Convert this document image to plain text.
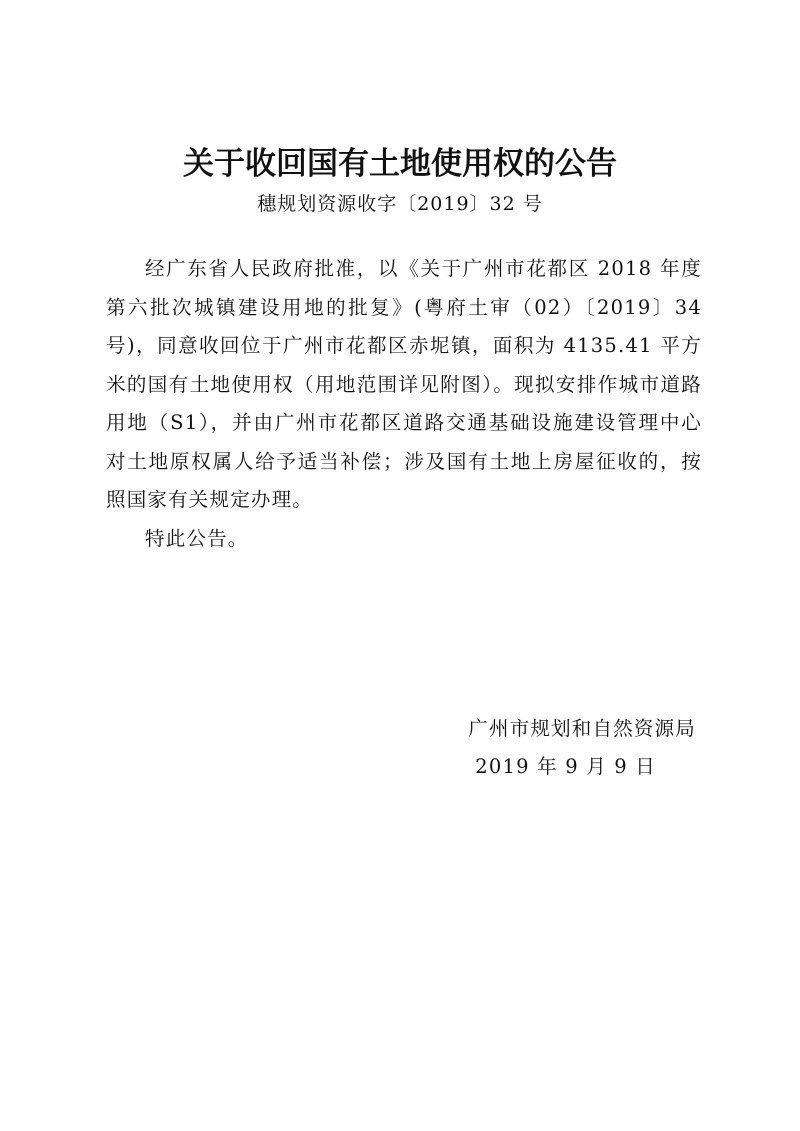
关于收回国有土地使用权的公告
穗规划资源收字〔2019〕32 号

经广东省人民政府批准，以《关于广州市花都区 2018 年度第六批次城镇建设用地的批复》(粤府土审（02）〔2019〕34 号)，同意收回位于广州市花都区赤坭镇，面积为 4135.41 平方米的国有土地使用权（用地范围详见附图）。现拟安排作城市道路用地（S1），并由广州市花都区道路交通基础设施建设管理中心对土地原权属人给予适当补偿；涉及国有土地上房屋征收的，按照国家有关规定办理。

特此公告。

广州市规划和自然资源局
2019 年 9 月 9 日
